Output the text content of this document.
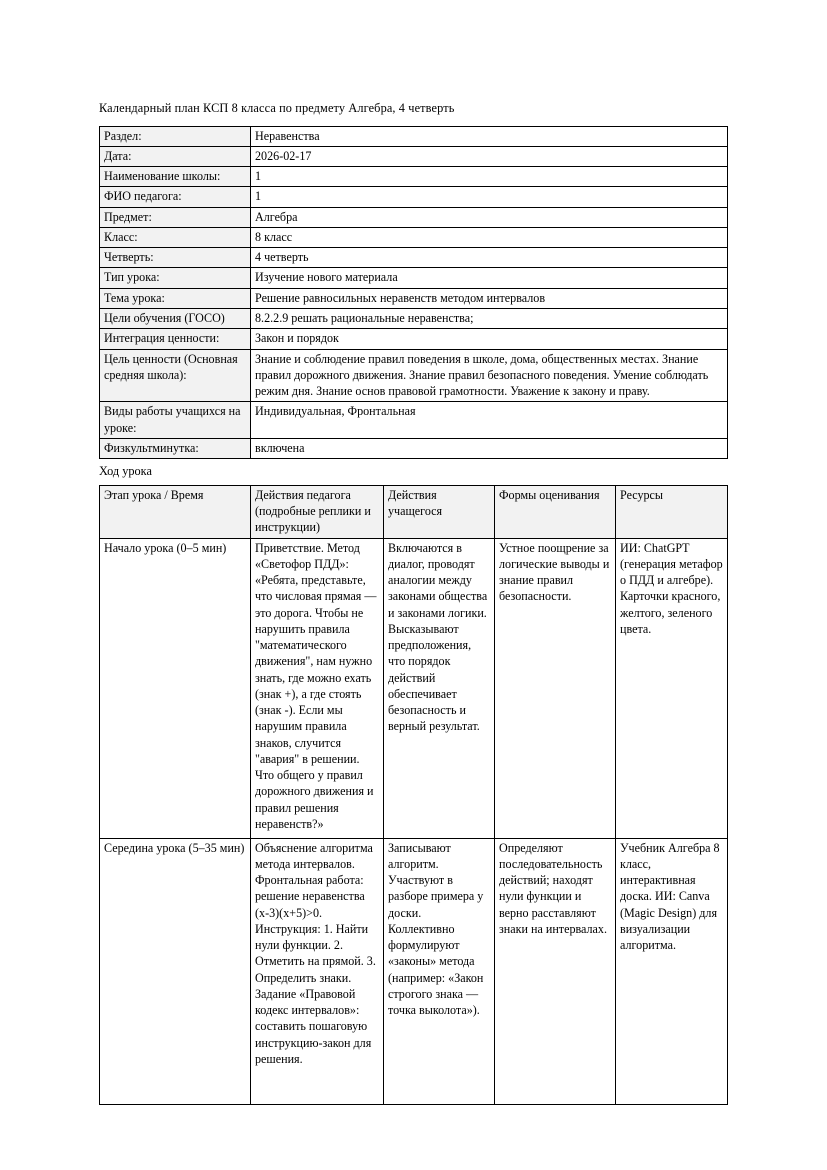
Календарный план КСП 8 класса по предмету Алгебра, 4 четверть
Раздел:	Неравенства
Дата:	2026-02-17
Наименование школы:	1
ФИО педагога:	1
Предмет:	Алгебра
Класс:	8 класс
Четверть:	4 четверть
Тип урока:	Изучение нового материала
Тема урока:	Решение равносильных неравенств методом интервалов
Цели обучения (ГОСО)	8.2.2.9 решать рациональные неравенства;
Интеграция ценности:	Закон и порядок
Цель ценности (Основная средняя школа):	Знание и соблюдение правил поведения в школе, дома, общественных местах. Знание правил дорожного движения. Знание правил безопасного поведения. Умение соблюдать режим дня. Знание основ правовой грамотности. Уважение к закону и праву.
Виды работы учащихся на уроке:	Индивидуальная, Фронтальная
Физкультминутка:	включена
Ход урока
Этап урока / Время	Действия педагога (подробные реплики и инструкции)	Действия учащегося	Формы оценивания	Ресурсы
Начало урока (0–5 мин)	Приветствие. Метод «Светофор ПДД»: «Ребята, представьте, что числовая прямая — это дорога. Чтобы не нарушить правила "математического движения", нам нужно знать, где можно ехать (знак +), а где стоять (знак -). Если мы нарушим правила знаков, случится "авария" в решении. Что общего у правил дорожного движения и правил решения неравенств?»	Включаются в диалог, проводят аналогии между законами общества и законами логики. Высказывают предположения, что порядок действий обеспечивает безопасность и верный результат.	Устное поощрение за логические выводы и знание правил безопасности.	ИИ: ChatGPT (генерация метафор о ПДД и алгебре). Карточки красного, желтого, зеленого цвета.
Середина урока (5–35 мин)	Объяснение алгоритма метода интервалов. Фронтальная работа: решение неравенства (х-3)(х+5)>0. Инструкция: 1. Найти нули функции. 2. Отметить на прямой. 3. Определить знаки. Задание «Правовой кодекс интервалов»: составить пошаговую инструкцию-закон для решения.	Записывают алгоритм. Участвуют в разборе примера у доски. Коллективно формулируют «законы» метода (например: «Закон строгого знака — точка выколота»).	Определяют последовательность действий; находят нули функции и верно расставляют знаки на интервалах.	Учебник Алгебра 8 класс, интерактивная доска. ИИ: Canva (Magic Design) для визуализации алгоритма.
